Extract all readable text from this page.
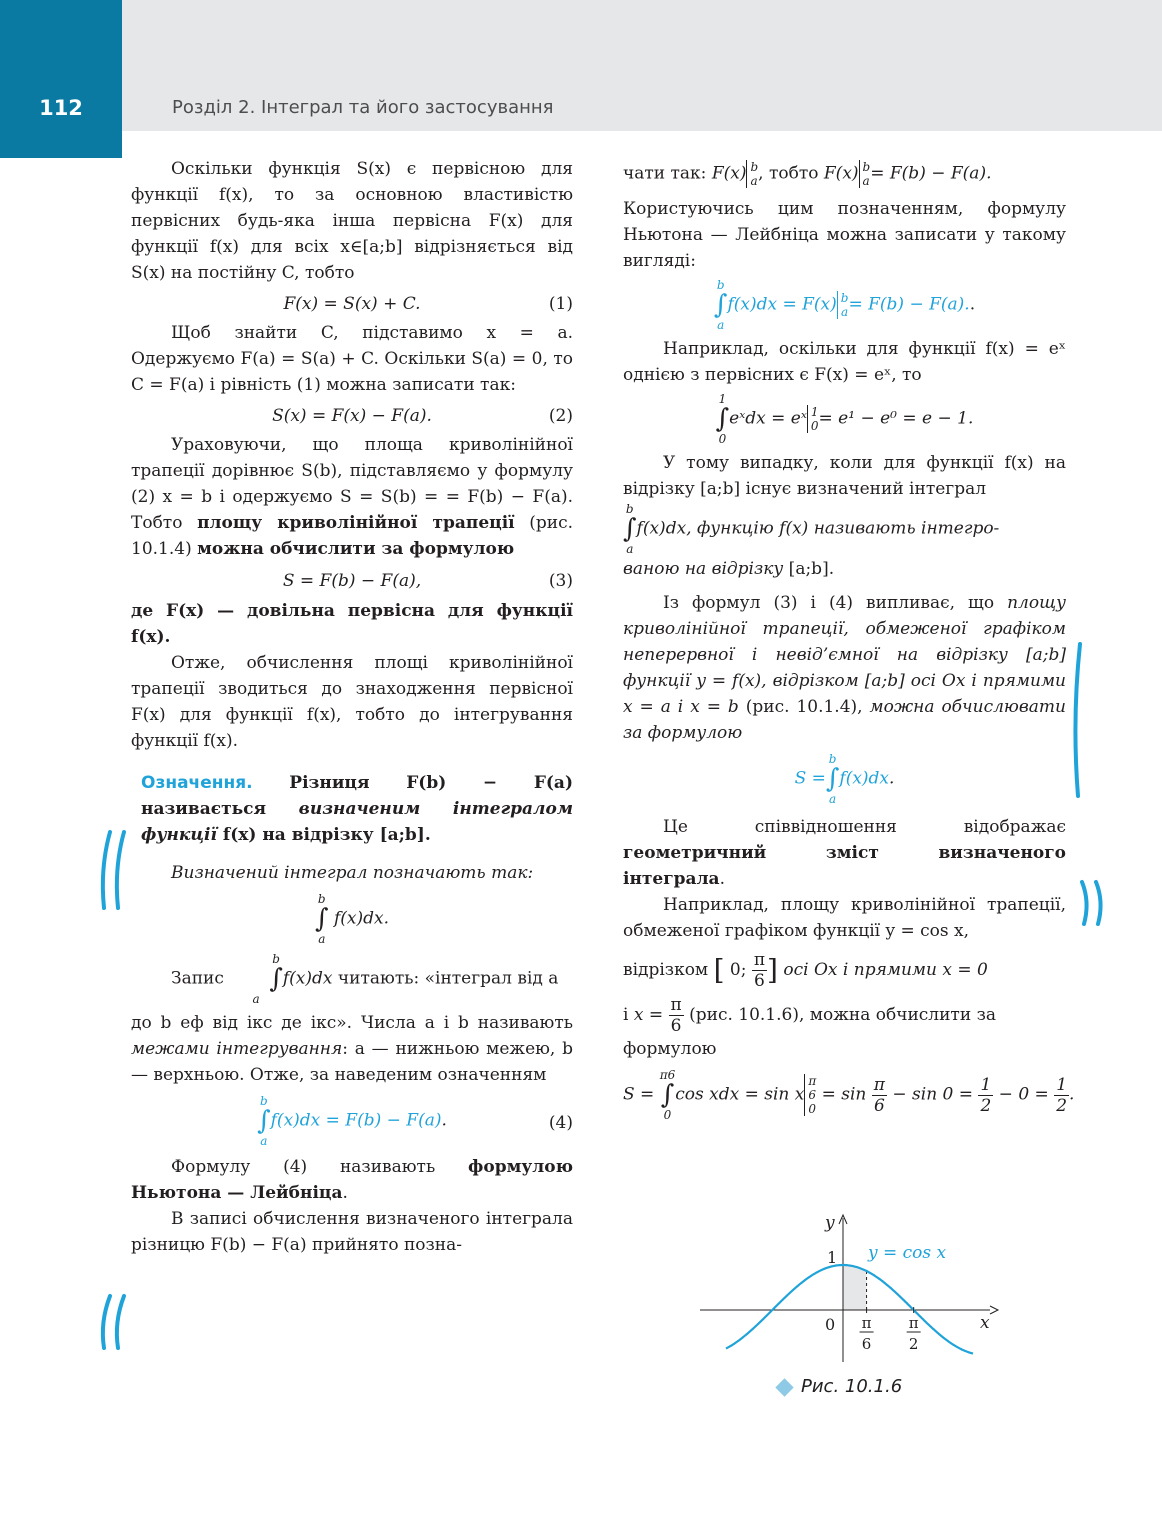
112	Розділ 2. Інтеграл та його застосування

Оскільки функція S(x) є первісною для функції f(x), то за основною властивістю первісних будь-яка інша первісна F(x) для функції f(x) для всіх x∈[a;b] відрізняється від S(x) на постійну C, тобто

F(x) = S(x) + C.	(1)

Щоб знайти C, підставимо x = a. Одержуємо F(a) = S(a) + C. Оскільки S(a) = 0, то C = F(a) і рівність (1) можна записати так:

S(x) = F(x) − F(a).	(2)

Ураховуючи, що площа криволінійної трапеції дорівнює S(b), підставляємо у формулу (2) x = b і одержуємо S = S(b) = = F(b) − F(a). Тобто площу криволінійної трапеції (рис. 10.1.4) можна обчислити за формулою

S = F(b) − F(a),	(3)

де F(x) — довільна первісна для функції f(x).

Отже, обчислення площі криволінійної трапеції зводиться до знаходження первісної F(x) для функції f(x), тобто до інтегрування функції f(x).

Означення. Різниця F(b) − F(a) називається визначеним інтегралом функції f(x) на відрізку [a;b].

Визначений інтеграл позначають так:

b
∫
a f(x)dx.

Запис b
∫
af(x)dx читають: «інтеграл від a

до b еф від ікс де ікс». Числа a і b називають межами інтегрування: a — нижньою межею, b — верхньою. Отже, за наведеним означенням

b
∫
af(x)dx = F(b) − F(a).	(4)

Формулу (4) називають формулою Ньютона — Лейбніца.

В записі обчислення визначеного інтеграла різницю F(b) − F(a) прийнято позна-

чати так: F(x) b
a , тобто F(x) b
a = F(b) − F(a).

Користуючись цим позначенням, формулу Ньютона — Лейбніца можна записати у такому вигляді:

b
∫
af(x)dx = F(x) b
a = F(b) − F(a)..

Наприклад, оскільки для функції f(x) = eˣ однією з первісних є F(x) = eˣ, то

1
∫
0eˣdx = eˣ 1
0 = e¹ − e⁰ = e − 1.

У тому випадку, коли для функції f(x) на відрізку [a;b] існує визначений інтеграл

b
∫
af(x)dx, функцію f(x) називають інтегро-

ваною на відрізку [a;b].

Із формул (3) і (4) випливає, що площу криволінійної трапеції, обмеженої графіком неперервної і невід’ємної на відрізку [a;b] функції y = f(x), відрізком [a;b] осі Ox і прямими x = a і x = b (рис. 10.1.4), можна обчислювати за формулою

S =b
∫
af(x)dx.

Це співвідношення відображає геометричний зміст визначеного інтеграла.

Наприклад, площу криволінійної трапеції, обмеженої графіком функції y = cos x,

відрізком [ 0; $\frac{\pi}{6}$ ] осі Ox і прямими x = 0

і $x = \frac{\pi}{6} (рис$. 10.1.6), можна обчислити за

формулою

S = π6
∫
0cos xdx = sin x
π
6
0
= $\sin \frac{\pi}{6} - \sin 0 = \frac{1}{2} - 0 = \frac{1}{2}$ .
0
1
x
y
y = cos x
π
6
π
2
Рис. 10.1.6
